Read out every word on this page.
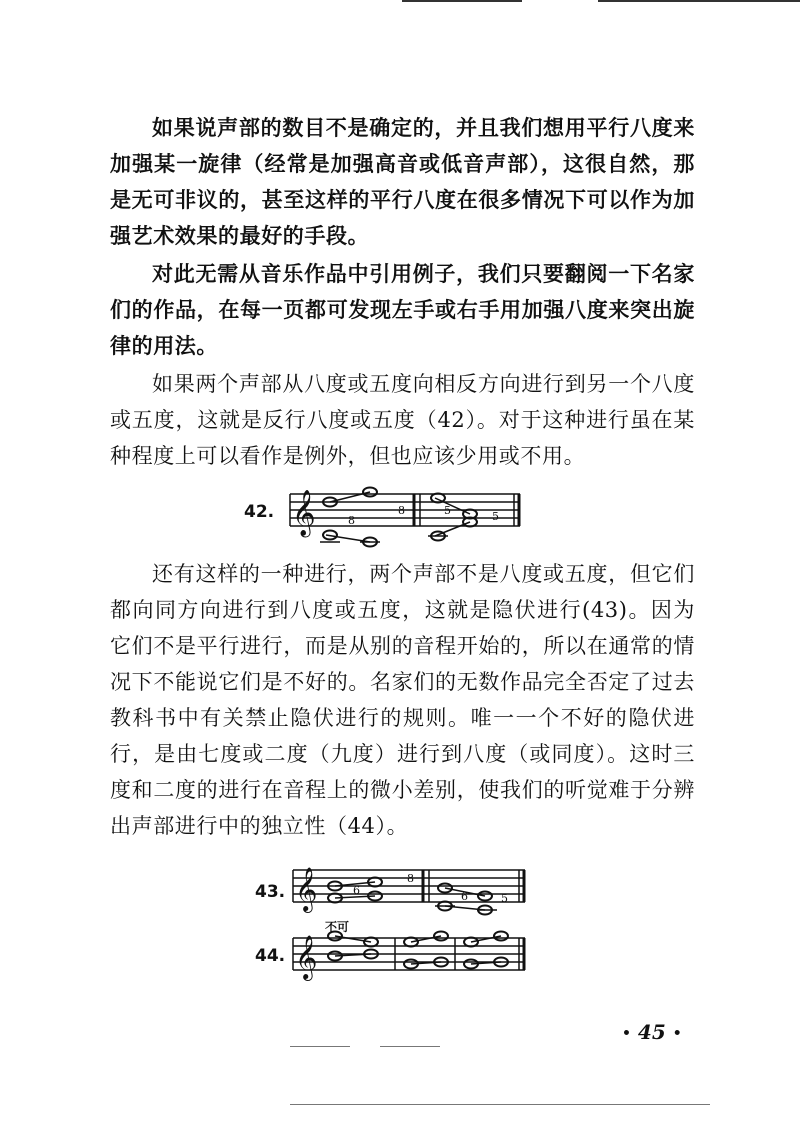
如果说声部的数目不是确定的，并且我们想用平行八度来加强某一旋律（经常是加强高音或低音声部），这很自然，那是无可非议的，甚至这样的平行八度在很多情况下可以作为加强艺术效果的最好的手段。

对此无需从音乐作品中引用例子，我们只要翻阅一下名家们的作品，在每一页都可发现左手或右手用加强八度来突出旋律的用法。

如果两个声部从八度或五度向相反方向进行到另一个八度或五度，这就是反行八度或五度（42）。对于这种进行虽在某种程度上可以看作是例外，但也应该少用或不用。

还有这样的一种进行，两个声部不是八度或五度，但它们都向同方向进行到八度或五度，这就是隐伏进行(43)。因为它们不是平行进行，而是从别的音程开始的，所以在通常的情况下不能说它们是不好的。名家们的无数作品完全否定了过去教科书中有关禁止隐伏进行的规则。唯一一个不好的隐伏进行，是由七度或二度（九度）进行到八度（或同度）。这时三度和二度的进行在音程上的微小差别，使我们的听觉难于分辨出声部进行中的独立性（44）。

42. 𝄞	8
8	5	5
43. 𝄞	8
6	6	5
不可
44. 𝄞
• 45 •
